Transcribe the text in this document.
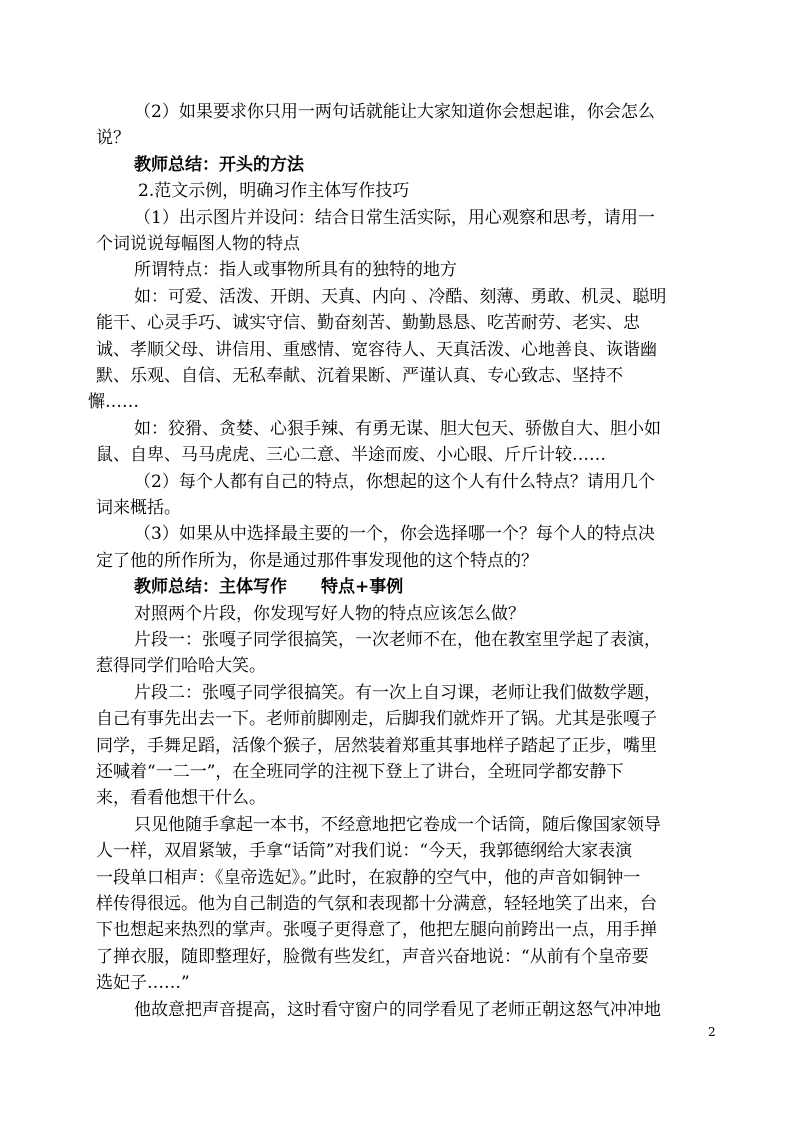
（2）如果要求你只用一两句话就能让大家知道你会想起谁，你会怎么
说？
教师总结：开头的方法
2.范文示例，明确习作主体写作技巧
（1）出示图片并设问：结合日常生活实际，用心观察和思考，请用一
个词说说每幅图人物的特点
所谓特点：指人或事物所具有的独特的地方
如：可爱、活泼、开朗、天真、内向 、冷酷、刻薄、勇敢、机灵、聪明
能干、心灵手巧、诚实守信、勤奋刻苦、勤勤恳恳、吃苦耐劳、老实、忠
诚、孝顺父母、讲信用、重感情、宽容待人、天真活泼、心地善良、诙谐幽
默、乐观、自信、无私奉献、沉着果断、严谨认真、专心致志、坚持不
懈……
如：狡猾、贪婪、心狠手辣、有勇无谋、胆大包天、骄傲自大、胆小如
鼠、自卑、马马虎虎、三心二意、半途而废、小心眼、斤斤计较……
（2）每个人都有自己的特点，你想起的这个人有什么特点？请用几个
词来概括。
（3）如果从中选择最主要的一个，你会选择哪一个？每个人的特点决
定了他的所作所为，你是通过那件事发现他的这个特点的？
教师总结：主体写作　　特点+事例
对照两个片段，你发现写好人物的特点应该怎么做？
片段一：张嘎子同学很搞笑，一次老师不在，他在教室里学起了表演，
惹得同学们哈哈大笑。
片段二：张嘎子同学很搞笑。有一次上自习课，老师让我们做数学题，
自己有事先出去一下。老师前脚刚走，后脚我们就炸开了锅。尤其是张嘎子
同学，手舞足蹈，活像个猴子，居然装着郑重其事地样子踏起了正步，嘴里
还喊着“一二一”，在全班同学的注视下登上了讲台，全班同学都安静下
来，看看他想干什么。
只见他随手拿起一本书，不经意地把它卷成一个话筒，随后像国家领导
人一样，双眉紧皱，手拿“话筒”对我们说：“今天，我郭德纲给大家表演
一段单口相声：《皇帝选妃》。”此时，在寂静的空气中，他的声音如铜钟一
样传得很远。他为自己制造的气氛和表现都十分满意，轻轻地笑了出来，台
下也想起来热烈的掌声。张嘎子更得意了，他把左腿向前跨出一点，用手掸
了掸衣服，随即整理好，脸微有些发红，声音兴奋地说：“从前有个皇帝要
选妃子……”
他故意把声音提高，这时看守窗户的同学看见了老师正朝这怒气冲冲地
2
